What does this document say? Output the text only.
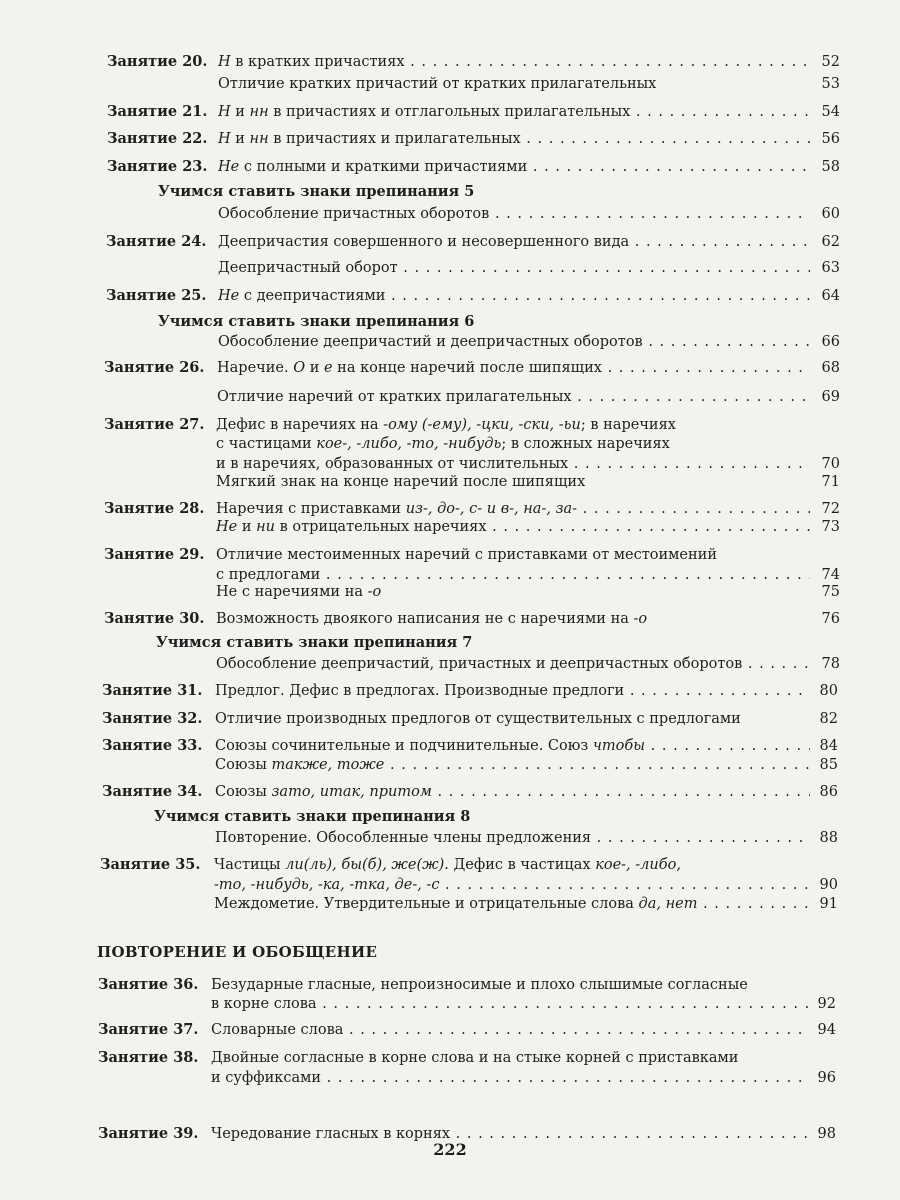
Занятие 20. Н в кратких причастиях . . .	52
Отличие кратких причастий от кратких прилагательных	53
Занятие 21. Н и нн в причастиях и отглагольных прилагательных . . .	54
Занятие 22. Н и нн в причастиях и прилагательных . . .	56
Занятие 23. Не с полными и краткими причастиями . . .	58
Учимся ставить знаки препинания 5
Обособление причастных оборотов . . .	60
Занятие 24. Деепричастия совершенного и несовершенного вида . . .	62
Деепричастный оборот . . .	63
Занятие 25. Не с деепричастиями . . .	64
Учимся ставить знаки препинания 6
Обособление деепричастий и деепричастных оборотов . . .	66
Занятие 26. Наречие. О и е на конце наречий после шипящих . . .	68
Отличие наречий от кратких прилагательных . . .	69
Занятие 27. Дефис в наречиях на -ому (-ему), -цки, -ски, -ьи; в наречиях
с частицами кое-, -либо, -то, -нибудь; в сложных наречиях
и в наречиях, образованных от числительных . . .	70
Мягкий знак на конце наречий после шипящих	71
Занятие 28. Наречия с приставками из-, до-, с- и в-, на-, за- . . .	72
Не и ни в отрицательных наречиях . . .	73
Занятие 29. Отличие местоименных наречий с приставками от местоимений
с предлогами . . .	74
Не с наречиями на -о	75
Занятие 30. Возможность двоякого написания не с наречиями на -о	76
Учимся ставить знаки препинания 7
Обособление деепричастий, причастных и деепричастных оборотов . . .	78
Занятие 31. Предлог. Дефис в предлогах. Производные предлоги . . .	80
Занятие 32. Отличие производных предлогов от существительных с предлогами	82
Занятие 33. Союзы сочинительные и подчинительные. Союз чтобы . . .	84
Союзы также, тоже . . .	85
Занятие 34. Союзы зато, итак, притом . . .	86
Учимся ставить знаки препинания 8
Повторение. Обособленные члены предложения . . .	88
Занятие 35. Частицы ли(ль), бы(б), же(ж). Дефис в частицах кое-, -либо,
-то, -нибудь, -ка, -тка, де-, -с . . .	90
Междометие. Утвердительные и отрицательные слова да, нет . . .	91
ПОВТОРЕНИЕ И ОБОБЩЕНИЕ
Занятие 36. Безударные гласные, непроизносимые и плохо слышимые согласные
в корне слова . . .	92
Занятие 37. Словарные слова . . .	94
Занятие 38. Двойные согласные в корне слова и на стыке корней с приставками
и суффиксами . . .	96
Занятие 39. Чередование гласных в корнях . . .	98
222
